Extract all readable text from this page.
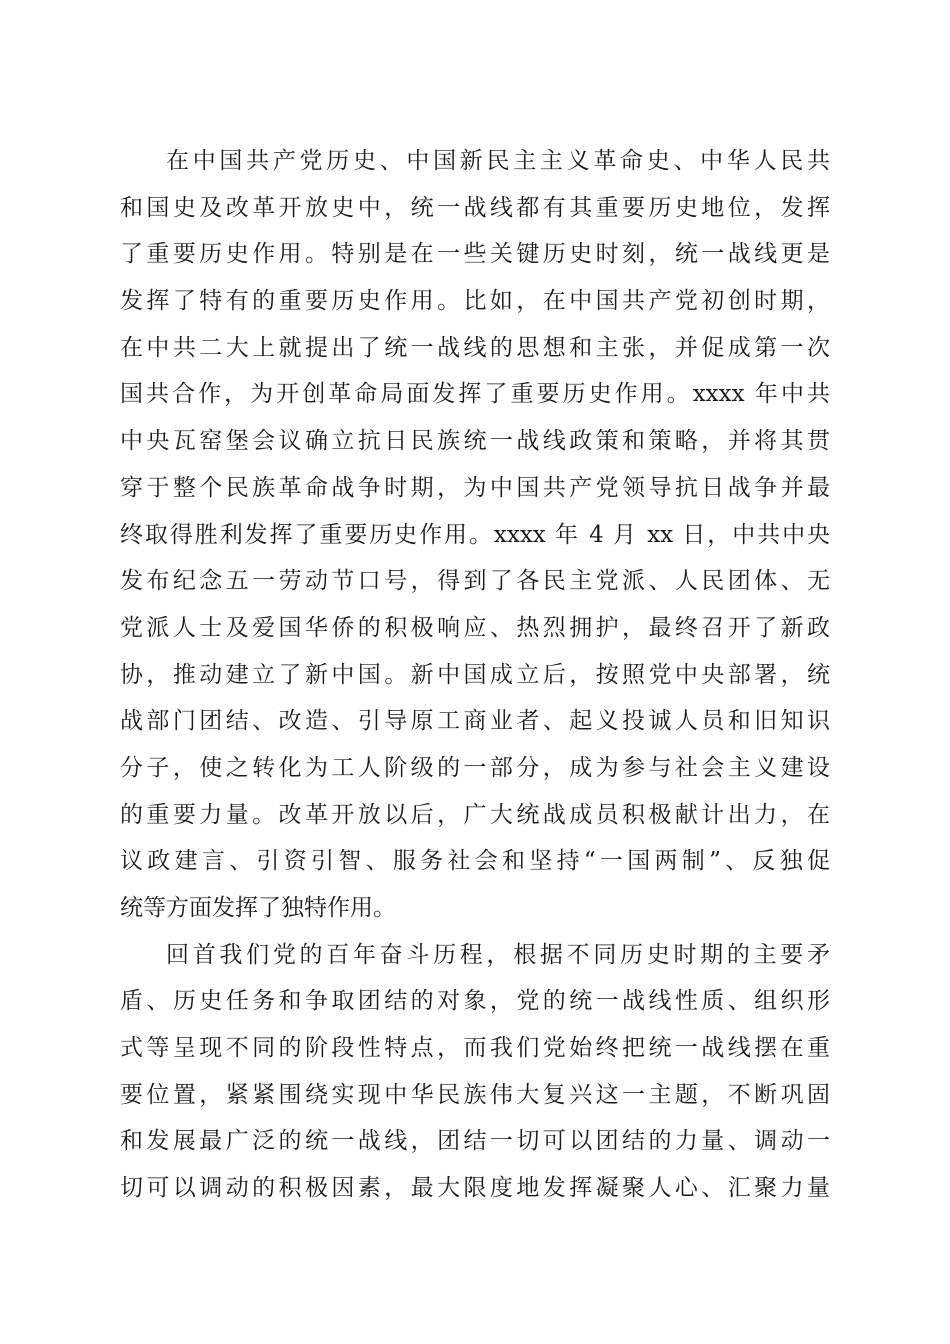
在中国共产党历史、中国新民主主义革命史、中华人民共
和国史及改革开放史中，统一战线都有其重要历史地位，发挥
了重要历史作用。特别是在一些关键历史时刻，统一战线更是
发挥了特有的重要历史作用。比如，在中国共产党初创时期，
在中共二大上就提出了统一战线的思想和主张，并促成第一次
国共合作，为开创革命局面发挥了重要历史作用。xxxx 年中共
中央瓦窑堡会议确立抗日民族统一战线政策和策略，并将其贯
穿于整个民族革命战争时期，为中国共产党领导抗日战争并最
终取得胜利发挥了重要历史作用。xxxx 年 4 月 xx 日，中共中央
发布纪念五一劳动节口号，得到了各民主党派、人民团体、无
党派人士及爱国华侨的积极响应、热烈拥护，最终召开了新政
协，推动建立了新中国。新中国成立后，按照党中央部署，统
战部门团结、改造、引导原工商业者、起义投诚人员和旧知识
分子，使之转化为工人阶级的一部分，成为参与社会主义建设
的重要力量。改革开放以后，广大统战成员积极献计出力，在
议政建言、引资引智、服务社会和坚持“一国两制”、反独促
统等方面发挥了独特作用。

回首我们党的百年奋斗历程，根据不同历史时期的主要矛
盾、历史任务和争取团结的对象，党的统一战线性质、组织形
式等呈现不同的阶段性特点，而我们党始终把统一战线摆在重
要位置，紧紧围绕实现中华民族伟大复兴这一主题，不断巩固
和发展最广泛的统一战线，团结一切可以团结的力量、调动一
切可以调动的积极因素，最大限度地发挥凝聚人心、汇聚力量
